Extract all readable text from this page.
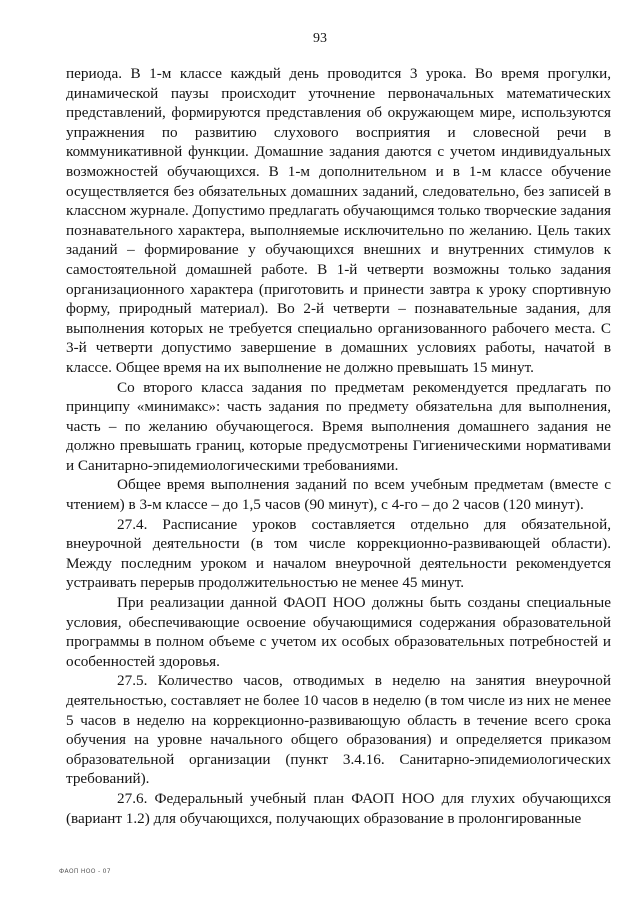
93

периода. В 1-м классе каждый день проводится 3 урока. Во время прогулки, динамической паузы происходит уточнение первоначальных математических представлений, формируются представления об окружающем мире, используются упражнения по развитию слухового восприятия и словесной речи в коммуникативной функции. Домашние задания даются с учетом индивидуальных возможностей обучающихся. В 1-м дополнительном и в 1-м классе обучение осуществляется без обязательных домашних заданий, следовательно, без записей в классном журнале. Допустимо предлагать обучающимся только творческие задания познавательного характера, выполняемые исключительно по желанию. Цель таких заданий – формирование у обучающихся внешних и внутренних стимулов к самостоятельной домашней работе. В 1-й четверти возможны только задания организационного характера (приготовить и принести завтра к уроку спортивную форму, природный материал). Во 2-й четверти – познавательные задания, для выполнения которых не требуется специально организованного рабочего места. С 3-й четверти допустимо завершение в домашних условиях работы, начатой в классе. Общее время на их выполнение не должно превышать 15 минут.

Со второго класса задания по предметам рекомендуется предлагать по принципу «минимакс»: часть задания по предмету обязательна для выполнения, часть – по желанию обучающегося. Время выполнения домашнего задания не должно превышать границ, которые предусмотрены Гигиеническими нормативами и Санитарно-эпидемиологическими требованиями.

Общее время выполнения заданий по всем учебным предметам (вместе с чтением) в 3-м классе – до 1,5 часов (90 минут), с 4-го – до 2 часов (120 минут).

27.4. Расписание уроков составляется отдельно для обязательной, внеурочной деятельности (в том числе коррекционно-развивающей области). Между последним уроком и началом внеурочной деятельности рекомендуется устраивать перерыв продолжительностью не менее 45 минут.

При реализации данной ФАОП НОО должны быть созданы специальные условия, обеспечивающие освоение обучающимися содержания образовательной программы в полном объеме с учетом их особых образовательных потребностей и особенностей здоровья.

27.5. Количество часов, отводимых в неделю на занятия внеурочной деятельностью, составляет не более 10 часов в неделю (в том числе из них не менее 5 часов в неделю на коррекционно-развивающую область в течение всего срока обучения на уровне начального общего образования) и определяется приказом образовательной организации (пункт 3.4.16. Санитарно-эпидемиологических требований).

27.6. Федеральный учебный план ФАОП НОО для глухих обучающихся (вариант 1.2) для обучающихся, получающих образование в пролонгированные

ФАОП НОО - 07
